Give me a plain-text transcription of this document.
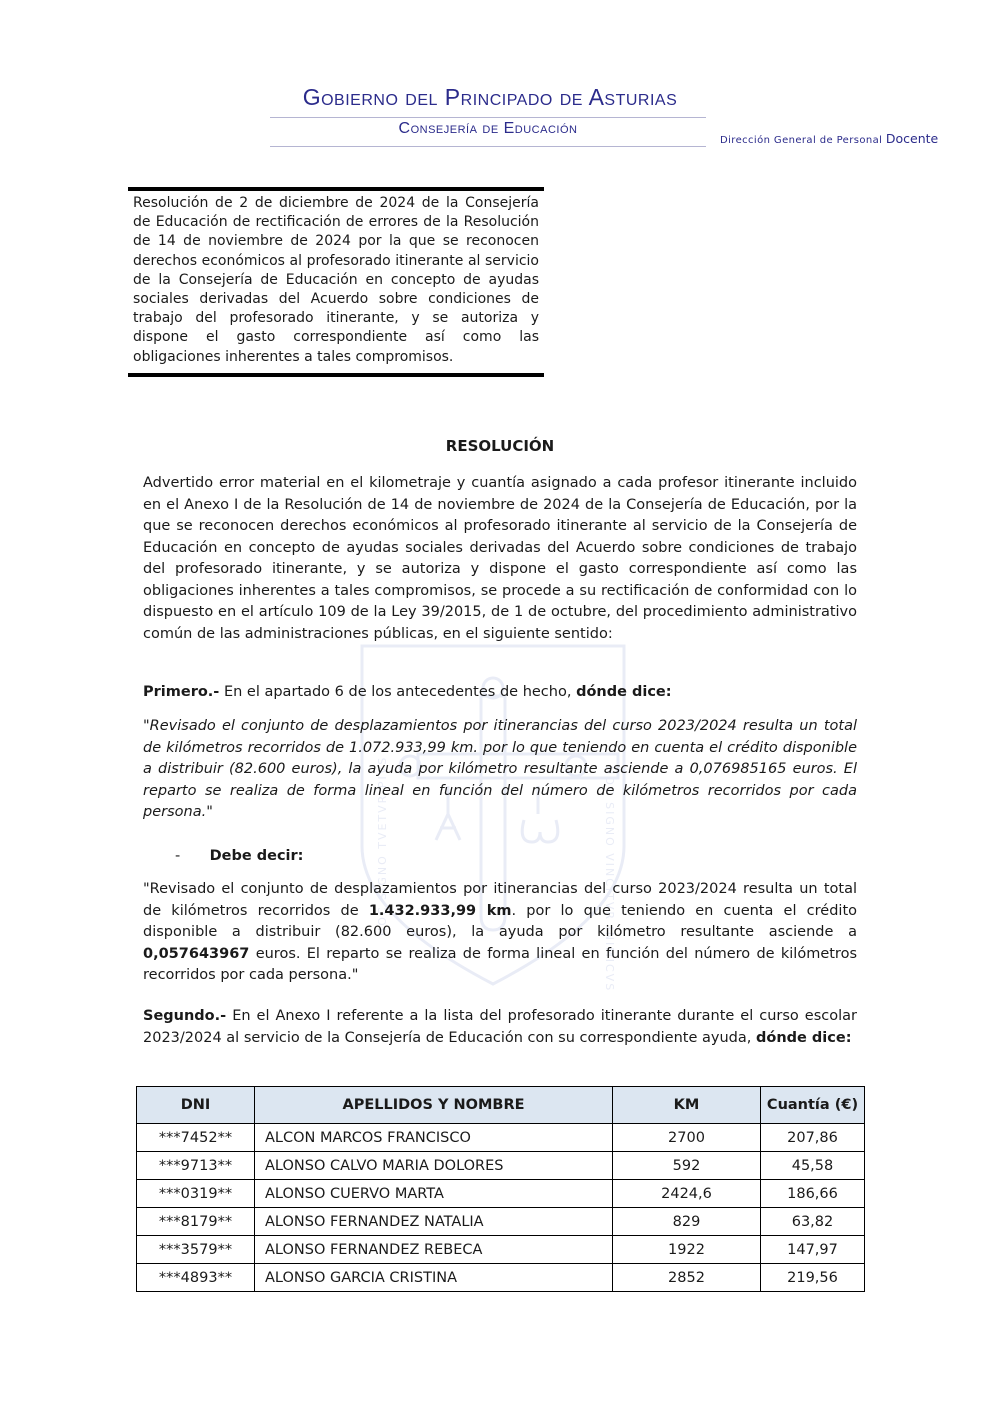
HOC SIGNO TVETVR PIVS	HOC SIGNO VINCITVR INIMICVS
Gobierno del Principado de Asturias
Consejería de Educación
Dirección General de Personal Docente
Resolución de 2 de diciembre de 2024 de la Consejería de Educación de rectificación de errores de la Resolución de 14 de noviembre de 2024 por la que se reconocen derechos económicos al profesorado itinerante al servicio de la Consejería de Educación en concepto de ayudas sociales derivadas del Acuerdo sobre condiciones de trabajo del profesorado itinerante, y se autoriza y dispone el gasto correspondiente así como las obligaciones inherentes a tales compromisos.
RESOLUCIÓN
Advertido error material en el kilometraje y cuantía asignado a cada profesor itinerante incluido en el Anexo I de la Resolución de 14 de noviembre de 2024 de la Consejería de Educación, por la que se reconocen derechos económicos al profesorado itinerante al servicio de la Consejería de Educación en concepto de ayudas sociales derivadas del Acuerdo sobre condiciones de trabajo del profesorado itinerante, y se autoriza y dispone el gasto correspondiente así como las obligaciones inherentes a tales compromisos, se procede a su rectificación de conformidad con lo dispuesto en el artículo 109 de la Ley 39/2015, de 1 de octubre, del procedimiento administrativo común de las administraciones públicas, en el siguiente sentido:
Primero.- En el apartado 6 de los antecedentes de hecho, dónde dice:
"Revisado el conjunto de desplazamientos por itinerancias del curso 2023/2024 resulta un total de kilómetros recorridos de 1.072.933,99 km. por lo que teniendo en cuenta el crédito disponible a distribuir (82.600 euros), la ayuda por kilómetro resultante asciende a 0,076985165 euros. El reparto se realiza de forma lineal en función del número de kilómetros recorridos por cada persona."
- Debe decir:
"Revisado el conjunto de desplazamientos por itinerancias del curso 2023/2024 resulta un total de kilómetros recorridos de 1.432.933,99 km. por lo que teniendo en cuenta el crédito disponible a distribuir (82.600 euros), la ayuda por kilómetro resultante asciende a 0,057643967 euros. El reparto se realiza de forma lineal en función del número de kilómetros recorridos por cada persona."
Segundo.- En el Anexo I referente a la lista del profesorado itinerante durante el curso escolar 2023/2024 al servicio de la Consejería de Educación con su correspondiente ayuda, dónde dice:
DNI	APELLIDOS Y NOMBRE	KM	Cuantía (€)
***7452**	ALCON MARCOS FRANCISCO	2700	207,86
***9713**	ALONSO CALVO MARIA DOLORES	592	45,58
***0319**	ALONSO CUERVO MARTA	2424,6	186,66
***8179**	ALONSO FERNANDEZ NATALIA	829	63,82
***3579**	ALONSO FERNANDEZ REBECA	1922	147,97
***4893**	ALONSO GARCIA CRISTINA	2852	219,56
